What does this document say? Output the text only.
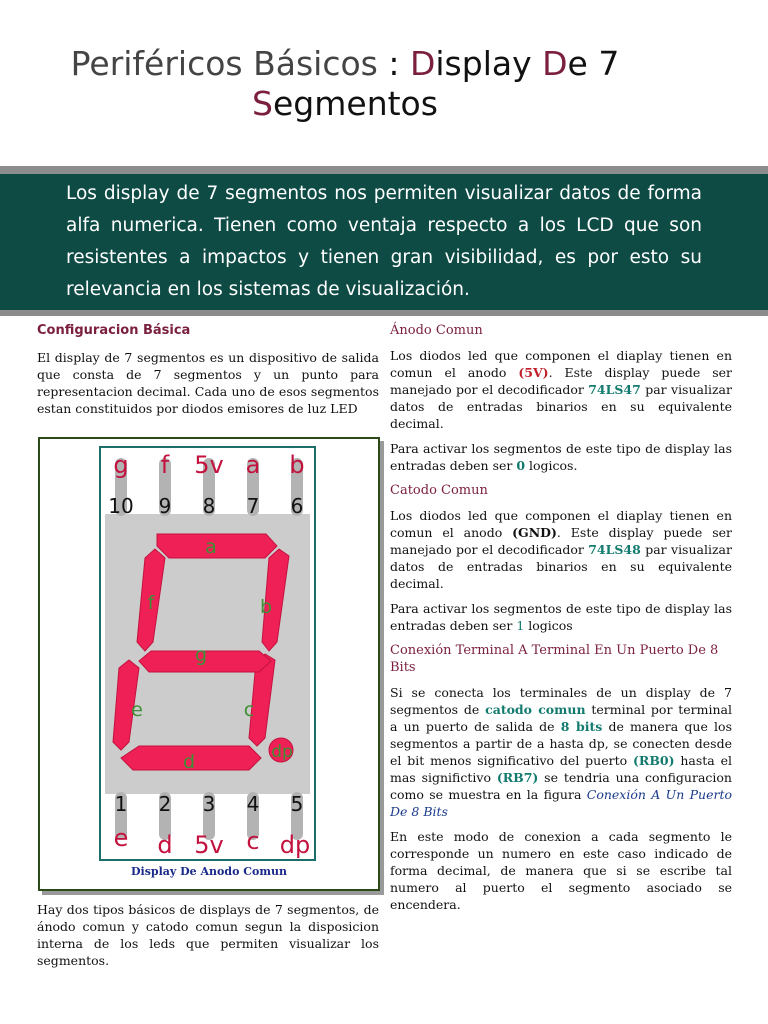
Periféricos Básicos : Display De 7
Segmentos

Los display de 7 segmentos nos permiten visualizar datos de forma alfa numerica. Tienen como ventaja respecto a los LCD que son resistentes a impactos y tienen gran visibilidad, es por esto su relevancia en los sistemas de visualización.

Configuracion Básica

El display de 7 segmentos es un dispositivo de salida que consta de 7 segmentos y un punto para representacion decimal. Cada uno de esos segmentos estan constituidos por diodos emisores de luz LED

g f 5v a b
10 9 8 7 6
1 2 3 4 5
e d 5v c dp
a
b
c
d
e
f
g
dp
Display De Anodo Comun

Hay dos tipos básicos de displays de 7 segmentos, de ánodo comun y catodo comun segun la disposicion interna de los leds que permiten visualizar los segmentos.

Ánodo Comun

Los diodos led que componen el diaplay tienen en comun el anodo (5V). Este display puede ser manejado por el decodificador 74LS47 par visualizar datos de entradas binarios en su equivalente decimal.

Para activar los segmentos de este tipo de display las entradas deben ser 0 logicos.

Catodo Comun

Los diodos led que componen el diaplay tienen en comun el anodo (GND). Este display puede ser manejado por el decodificador 74LS48 par visualizar datos de entradas binarios en su equivalente decimal.

Para activar los segmentos de este tipo de display las entradas deben ser 1 logicos

Conexión Terminal A Terminal En Un Puerto De 8 Bits

Si se conecta los terminales de un display de 7 segmentos de catodo comun terminal por terminal a un puerto de salida de 8 bits de manera que los segmentos a partir de a hasta dp, se conecten desde el bit menos significativo del puerto (RB0) hasta el mas significtivo (RB7) se tendria una configuracion como se muestra en la figura Conexión A Un Puerto De 8 Bits

En este modo de conexion a cada segmento le corresponde un numero en este caso indicado de forma decimal, de manera que si se escribe tal numero al puerto el segmento asociado se encendera.
